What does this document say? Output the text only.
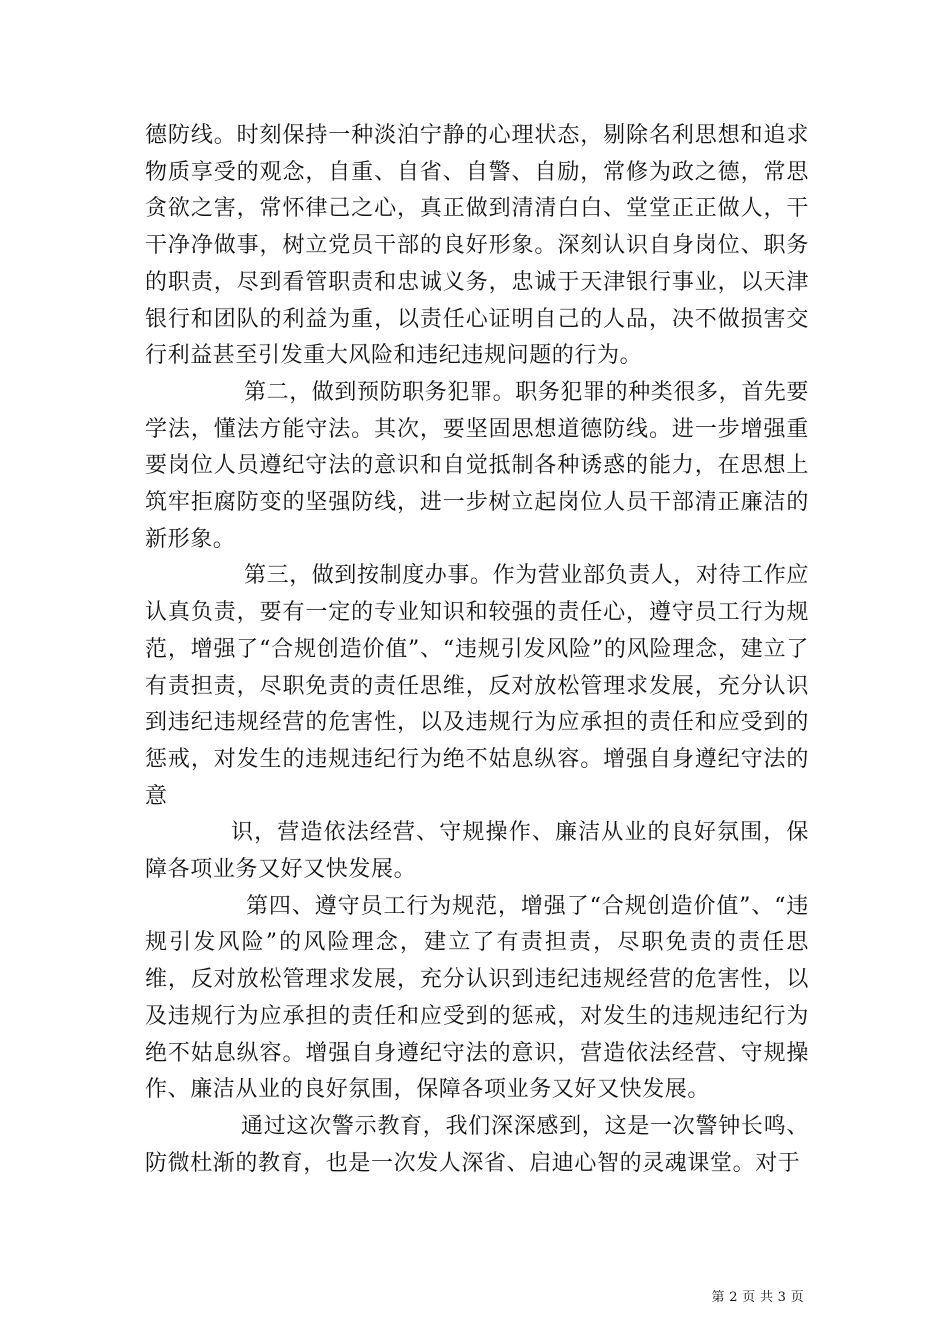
德防线。时刻保持一种淡泊宁静的心理状态，剔除名利思想和追求物质享受的观念，自重、自省、自警、自励，常修为政之德，常思贪欲之害，常怀律己之心，真正做到清清白白、堂堂正正做人，干干净净做事，树立党员干部的良好形象。深刻认识自身岗位、职务的职责，尽到看管职责和忠诚义务，忠诚于天津银行事业，以天津银行和团队的利益为重，以责任心证明自己的人品，决不做损害交行利益甚至引发重大风险和违纪违规问题的行为。

第二，做到预防职务犯罪。职务犯罪的种类很多，首先要学法，懂法方能守法。其次，要坚固思想道德防线。进一步增强重要岗位人员遵纪守法的意识和自觉抵制各种诱惑的能力，在思想上筑牢拒腐防变的坚强防线，进一步树立起岗位人员干部清正廉洁的新形象。

第三，做到按制度办事。作为营业部负责人，对待工作应认真负责，要有一定的专业知识和较强的责任心，遵守员工行为规范，增强了“合规创造价值”、“违规引发风险”的风险理念，建立了有责担责，尽职免责的责任思维，反对放松管理求发展，充分认识到违纪违规经营的危害性，以及违规行为应承担的责任和应受到的惩戒，对发生的违规违纪行为绝不姑息纵容。增强自身遵纪守法的意

识，营造依法经营、守规操作、廉洁从业的良好氛围，保障各项业务又好又快发展。

第四、遵守员工行为规范，增强了“合规创造价值”、“违规引发风险”的风险理念，建立了有责担责，尽职免责的责任思维，反对放松管理求发展，充分认识到违纪违规经营的危害性，以及违规行为应承担的责任和应受到的惩戒，对发生的违规违纪行为绝不姑息纵容。增强自身遵纪守法的意识，营造依法经营、守规操作、廉洁从业的良好氛围，保障各项业务又好又快发展。

通过这次警示教育，我们深深感到，这是一次警钟长鸣、防微杜渐的教育，也是一次发人深省、启迪心智的灵魂课堂。对于

第 2 页 共 3 页
